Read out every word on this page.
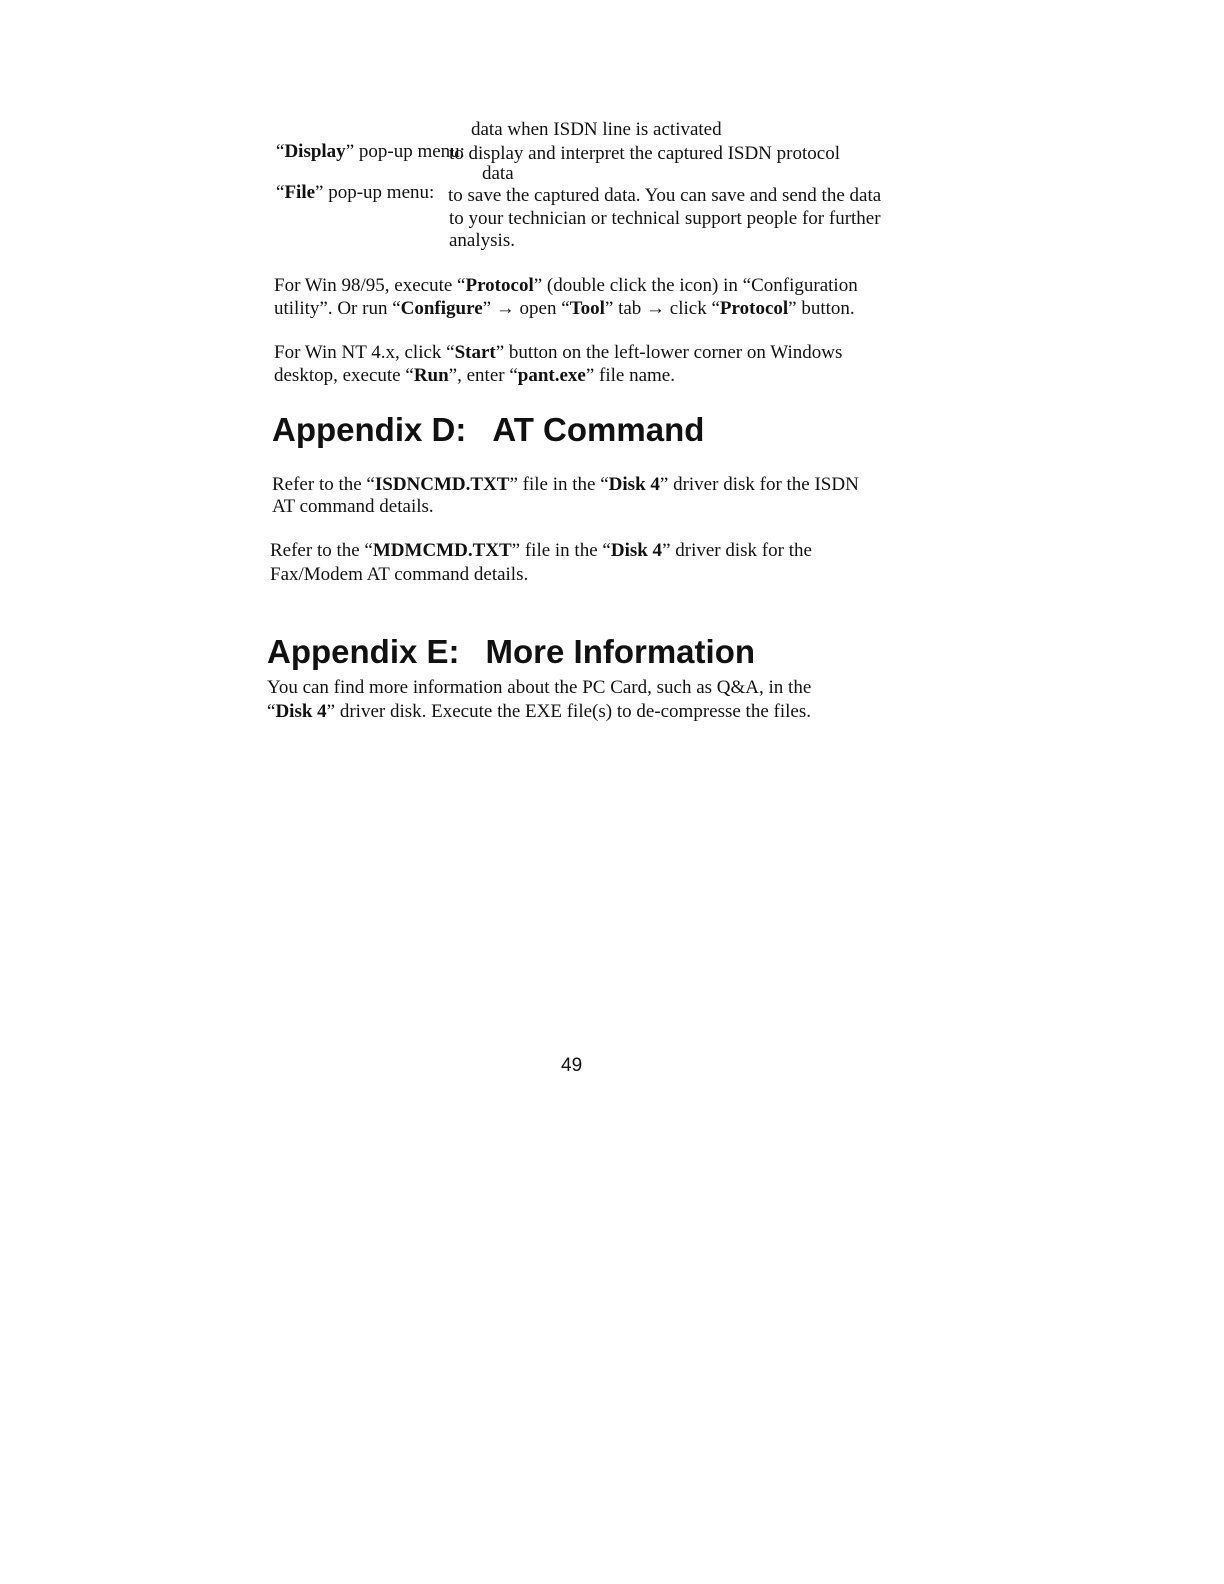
data when ISDN line is activated
“Display” pop-up menu:
to display and interpret the captured ISDN protocol
data
“File” pop-up menu: to save the captured data. You can save and send the data
to your technician or technical support people for further
analysis.
For Win 98/95, execute “Protocol” (double click the icon) in “Configuration
utility”. Or run “Configure” → open “Tool” tab → click “Protocol” button.
For Win NT 4.x, click “Start” button on the left-lower corner on Windows
desktop, execute “Run”, enter “pant.exe” file name.
Appendix D: AT Command
Refer to the “ISDNCMD.TXT” file in the “Disk 4” driver disk for the ISDN
AT command details.
Refer to the “MDMCMD.TXT” file in the “Disk 4” driver disk for the
Fax/Modem AT command details.
Appendix E: More Information
You can find more information about the PC Card, such as Q&A, in the
“Disk 4” driver disk. Execute the EXE file(s) to de-compresse the files.
49
